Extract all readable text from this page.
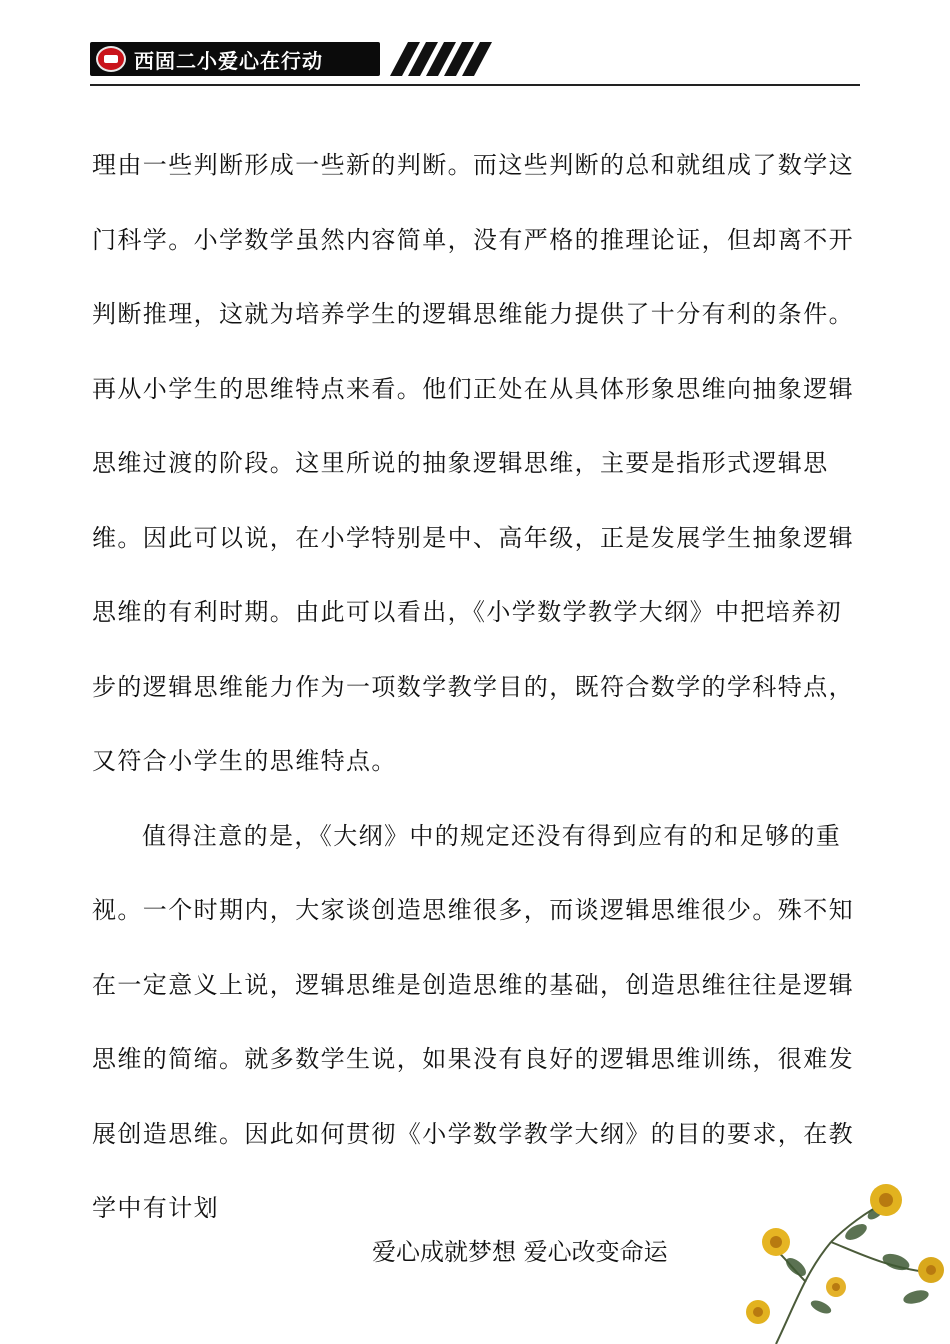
西固二小爱心在行动

理由一些判断形成一些新的判断。而这些判断的总和就组成了数学这门科学。小学数学虽然内容简单，没有严格的推理论证，但却离不开判断推理，这就为培养学生的逻辑思维能力提供了十分有利的条件。再从小学生的思维特点来看。他们正处在从具体形象思维向抽象逻辑思维过渡的阶段。这里所说的抽象逻辑思维，主要是指形式逻辑思维。因此可以说，在小学特别是中、高年级，正是发展学生抽象逻辑思维的有利时期。由此可以看出，《小学数学教学大纲》中把培养初步的逻辑思维能力作为一项数学教学目的，既符合数学的学科特点，又符合小学生的思维特点。

值得注意的是，《大纲》中的规定还没有得到应有的和足够的重视。一个时期内，大家谈创造思维很多，而谈逻辑思维很少。殊不知在一定意义上说，逻辑思维是创造思维的基础，创造思维往往是逻辑思维的简缩。就多数学生说，如果没有良好的逻辑思维训练，很难发展创造思维。因此如何贯彻《小学数学教学大纲》的目的要求，在教学中有计划

爱心成就梦想 爱心改变命运
